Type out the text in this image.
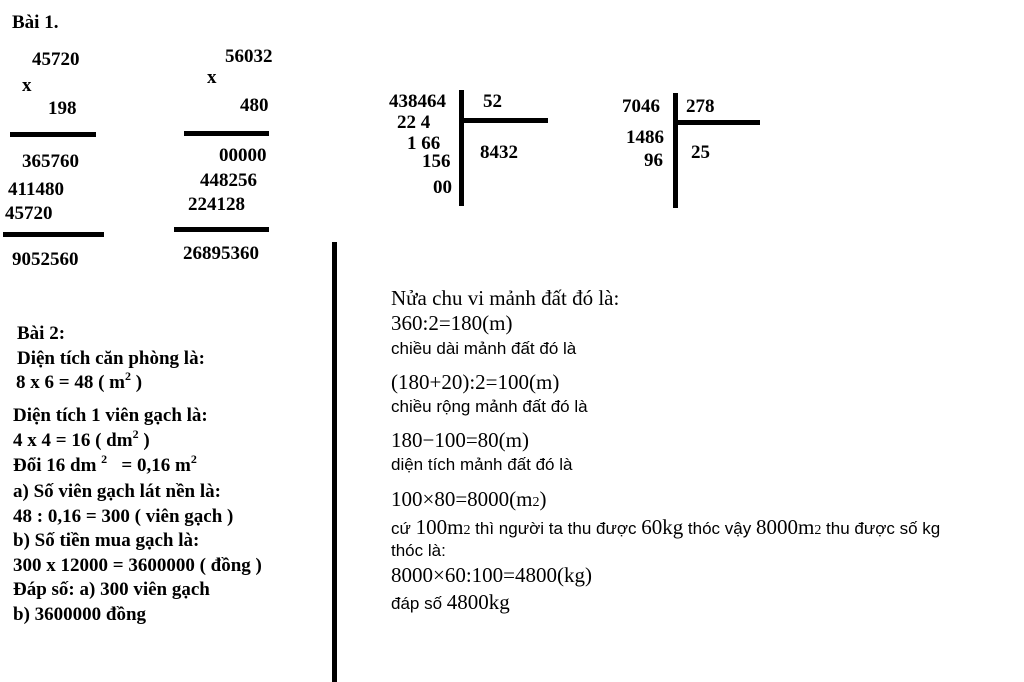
Bài 1.
45720
x
198
365760
411480
45720
9052560
56032
x
480
00000
448256
224128
26895360
438464 52
22 4
1 66
156
00
8432
7046 278
1486
96 25
Bài 2:
Diện tích căn phòng là:
8 x 6 = 48 ( $m^2$ )
Diện tích 1 viên gạch là:
4 x 4 = 16 ( $dm^2$ )
Đổi 16 dm $^2$ = 0,16 $m^2$
a) Số viên gạch lát nền là:
48 : 0,16 = 300 ( viên gạch )
b) Số tiền mua gạch là:
300 x 12000 = 3600000 ( đồng )
Đáp số: a) 300 viên gạch
b) 3600000 đồng
Nửa chu vi mảnh đất đó là:
360:2=180(m)
chiều dài mảnh đất đó là
(180+20):2=100(m)
chiều rộng mảnh đất đó là
180−100=80(m)
diện tích mảnh đất đó là
100×80=8000(m2)
cứ 100m2 thì người ta thu được 60kg thóc vậy 8000m2 thu được số kg
thóc là:
8000×60:100=4800(kg)
đáp số 4800kg
